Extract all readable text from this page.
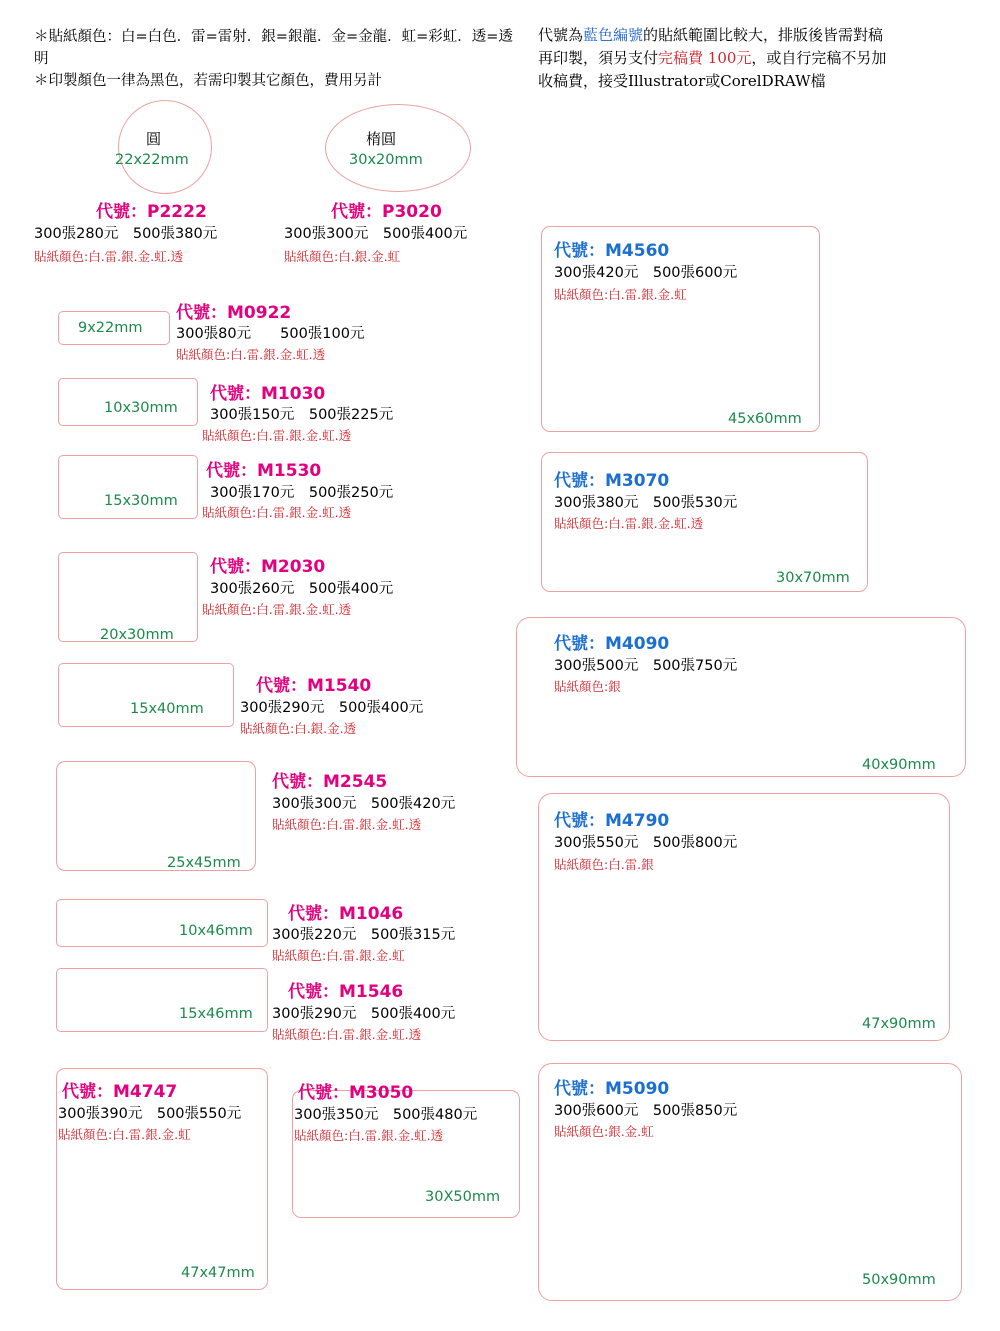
＊貼紙顏色：白=白色．雷=雷射．銀=銀龍．金=金龍．虹=彩虹．透=透明
＊印製顏色一律為黑色，若需印製其它顏色，費用另計
代號為藍色編號的貼紙範圍比較大，排版後皆需對稿
再印製，須另支付完稿費 100元，或自行完稿不另加
收稿費，接受Illustrator或CorelDRAW檔
圓
22x22mm
代號：P2222
300張280元　500張380元
貼紙顏色:白.雷.銀.金.虹.透
楕圓
30x20mm
代號：P3020
300張300元　500張400元
貼紙顏色:白.銀.金.虹
9x22mm
代號：M0922
300張80元　　500張100元
貼紙顏色:白.雷.銀.金.虹.透
10x30mm
代號：M1030
300張150元　500張225元
貼紙顏色:白.雷.銀.金.虹.透
15x30mm
代號：M1530
300張170元　500張250元
貼紙顏色:白.雷.銀.金.虹.透
20x30mm
代號：M2030
300張260元　500張400元
貼紙顏色:白.雷.銀.金.虹.透
15x40mm
代號：M1540
300張290元　500張400元
貼紙顏色:白.銀.金.透
25x45mm
代號：M2545
300張300元　500張420元
貼紙顏色:白.雷.銀.金.虹.透
10x46mm
代號：M1046
300張220元　500張315元
貼紙顏色:白.雷.銀.金.虹
15x46mm
代號：M1546
300張290元　500張400元
貼紙顏色:白.雷.銀.金.虹.透
代號：M4747
300張390元　500張550元
貼紙顏色:白.雷.銀.金.虹
47x47mm
代號：M3050
300張350元　500張480元
貼紙顏色:白.雷.銀.金.虹.透
30X50mm
代號：M4560
300張420元　500張600元
貼紙顏色:白.雷.銀.金.虹
45x60mm
代號：M3070
300張380元　500張530元
貼紙顏色:白.雷.銀.金.虹.透
30x70mm
代號：M4090
300張500元　500張750元
貼紙顏色:銀
40x90mm
代號：M4790
300張550元　500張800元
貼紙顏色:白.雷.銀
47x90mm
代號：M5090
300張600元　500張850元
貼紙顏色:銀.金.虹
50x90mm
